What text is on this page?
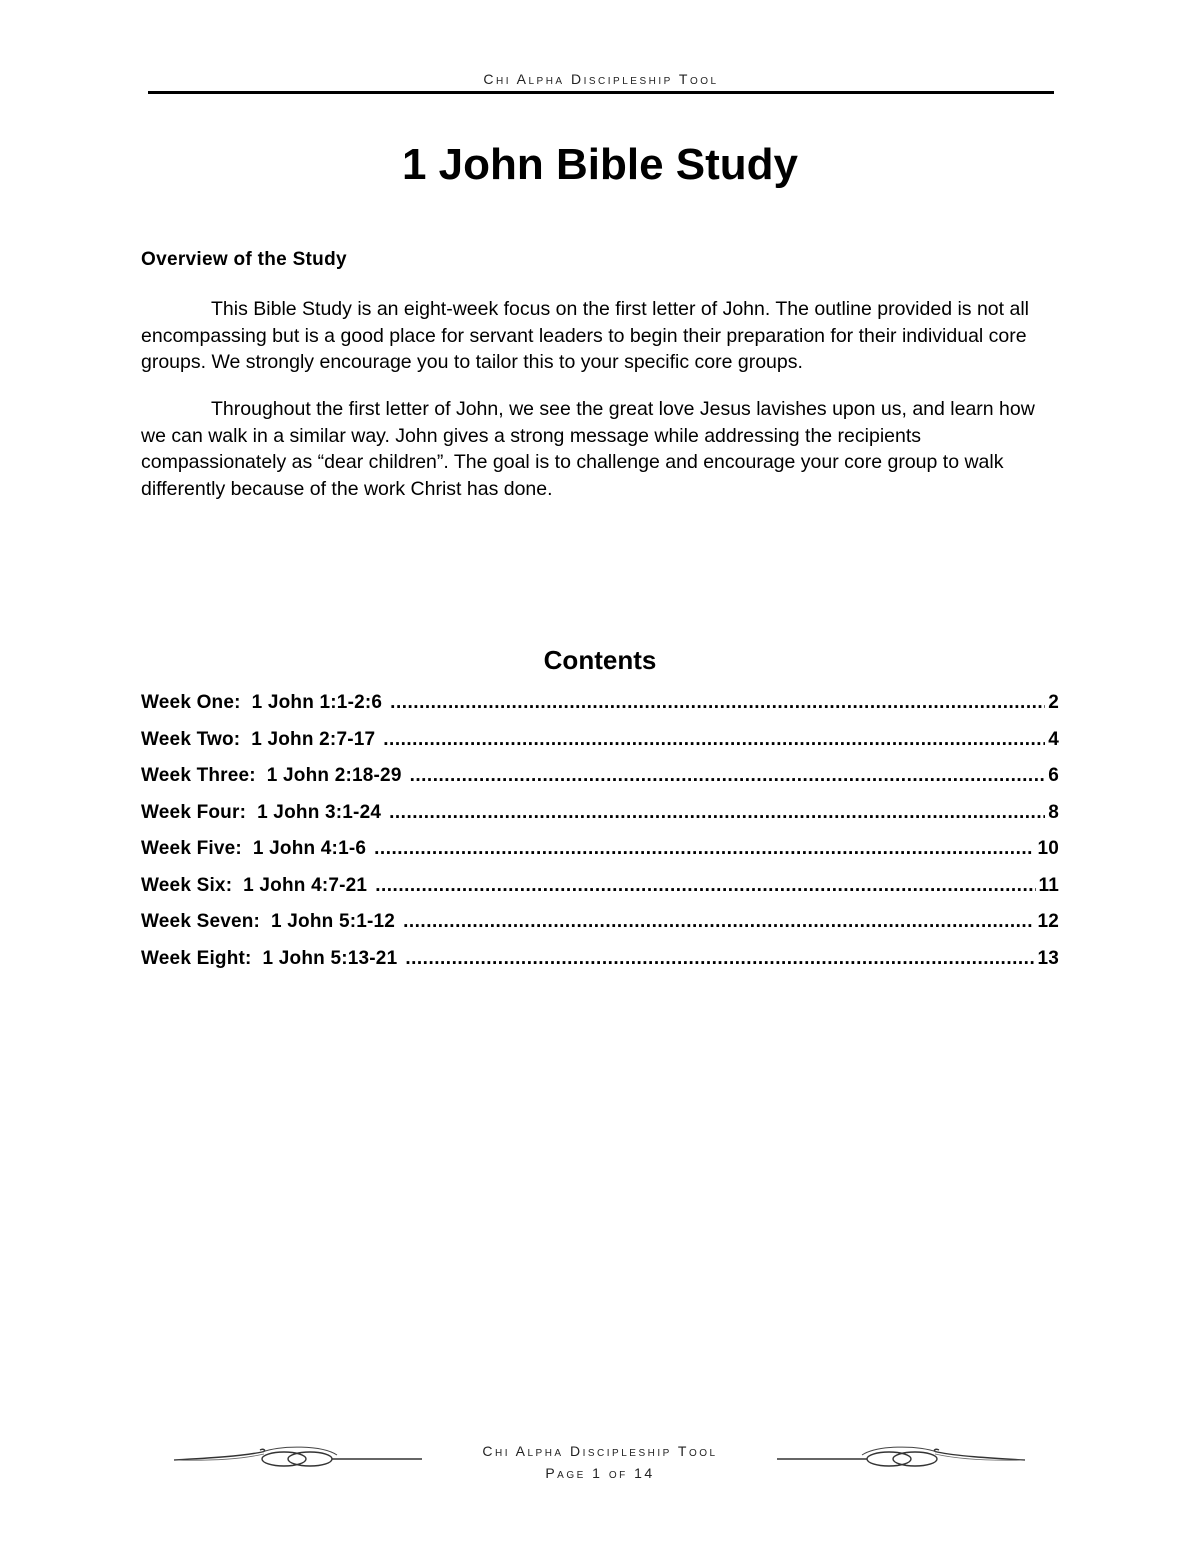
Chi Alpha Discipleship Tool
1 John Bible Study
Overview of the Study

This Bible Study is an eight-week focus on the first letter of John. The outline provided is not all encompassing but is a good place for servant leaders to begin their preparation for their individual core groups. We strongly encourage you to tailor this to your specific core groups.

Throughout the first letter of John, we see the great love Jesus lavishes upon us, and learn how we can walk in a similar way. John gives a strong message while addressing the recipients compassionately as “dear children”. The goal is to challenge and encourage your core group to walk differently because of the work Christ has done.

Contents
Week One:  1 John 1:1-2:6 .....	2
Week Two:  1 John 2:7-17 .....	4
Week Three:  1 John 2:18-29 .....	6
Week Four:  1 John 3:1-24 .....	8
Week Five:  1 John 4:1-6 .....	10
Week Six:  1 John 4:7-21 .....	11
Week Seven:  1 John 5:1-12 .....	12
Week Eight:  1 John 5:13-21 .....	13
Chi Alpha Discipleship Tool
Page 1 of 14
